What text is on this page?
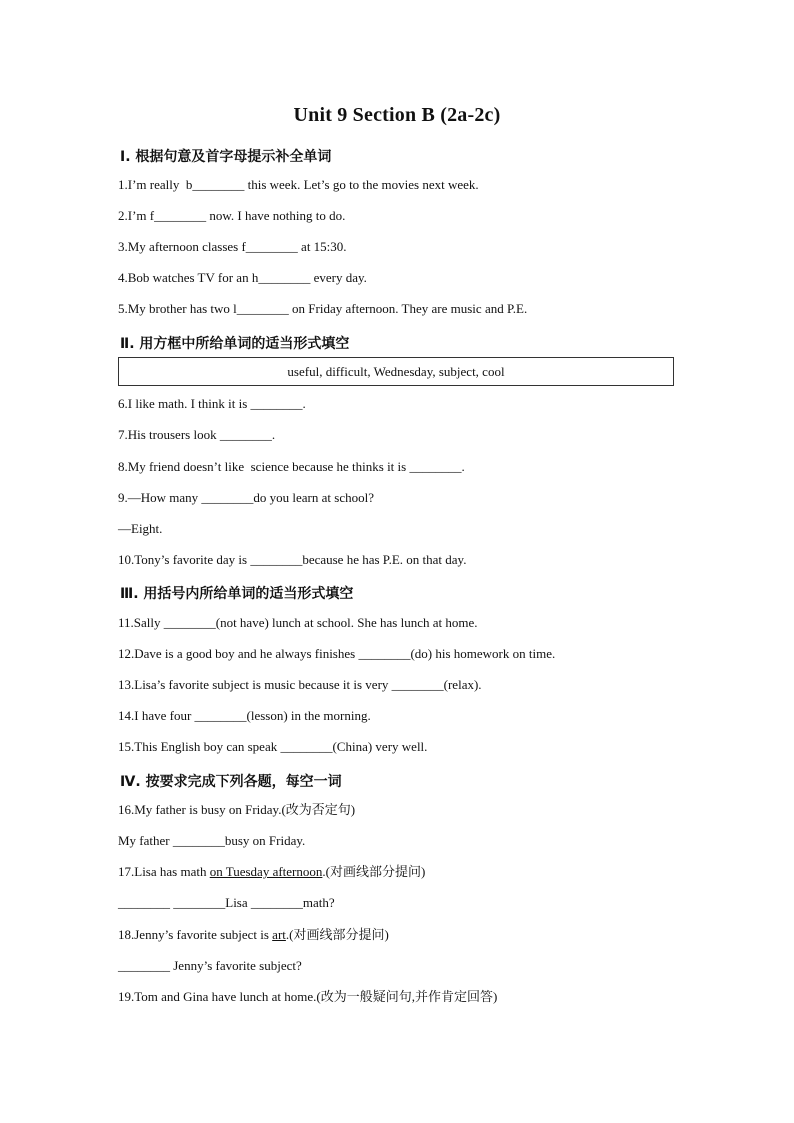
Unit 9 Section B (2a-2c)
Ⅰ. 根据句意及首字母提示补全单词
1.I’m really  b________ this week. Let’s go to the movies next week.
2.I’m f________ now. I have nothing to do.
3.My afternoon classes f________ at 15:30.
4.Bob watches TV for an h________ every day.
5.My brother has two l________ on Friday afternoon. They are music and P.E.
Ⅱ. 用方框中所给单词的适当形式填空
useful, difficult, Wednesday, subject, cool
6.I like math. I think it is ________.
7.His trousers look ________.
8.My friend doesn’t like  science because he thinks it is ________.
9.—How many ________do you learn at school?
—Eight.
10.Tony’s favorite day is ________because he has P.E. on that day.
Ⅲ. 用括号内所给单词的适当形式填空
11.Sally ________(not have) lunch at school. She has lunch at home.
12.Dave is a good boy and he always finishes ________(do) his homework on time.
13.Lisa’s favorite subject is music because it is very ________(relax).
14.I have four ________(lesson) in the morning.
15.This English boy can speak ________(China) very well.
Ⅳ. 按要求完成下列各题，每空一词
16.My father is busy on Friday.(改为否定句)
My father ________busy on Friday.
17.Lisa has math on Tuesday afternoon.(对画线部分提问)
________ ________Lisa ________math?
18.Jenny’s favorite subject is art.(对画线部分提问)
________ Jenny’s favorite subject?
19.Tom and Gina have lunch at home.(改为一般疑问句,并作肯定回答)
